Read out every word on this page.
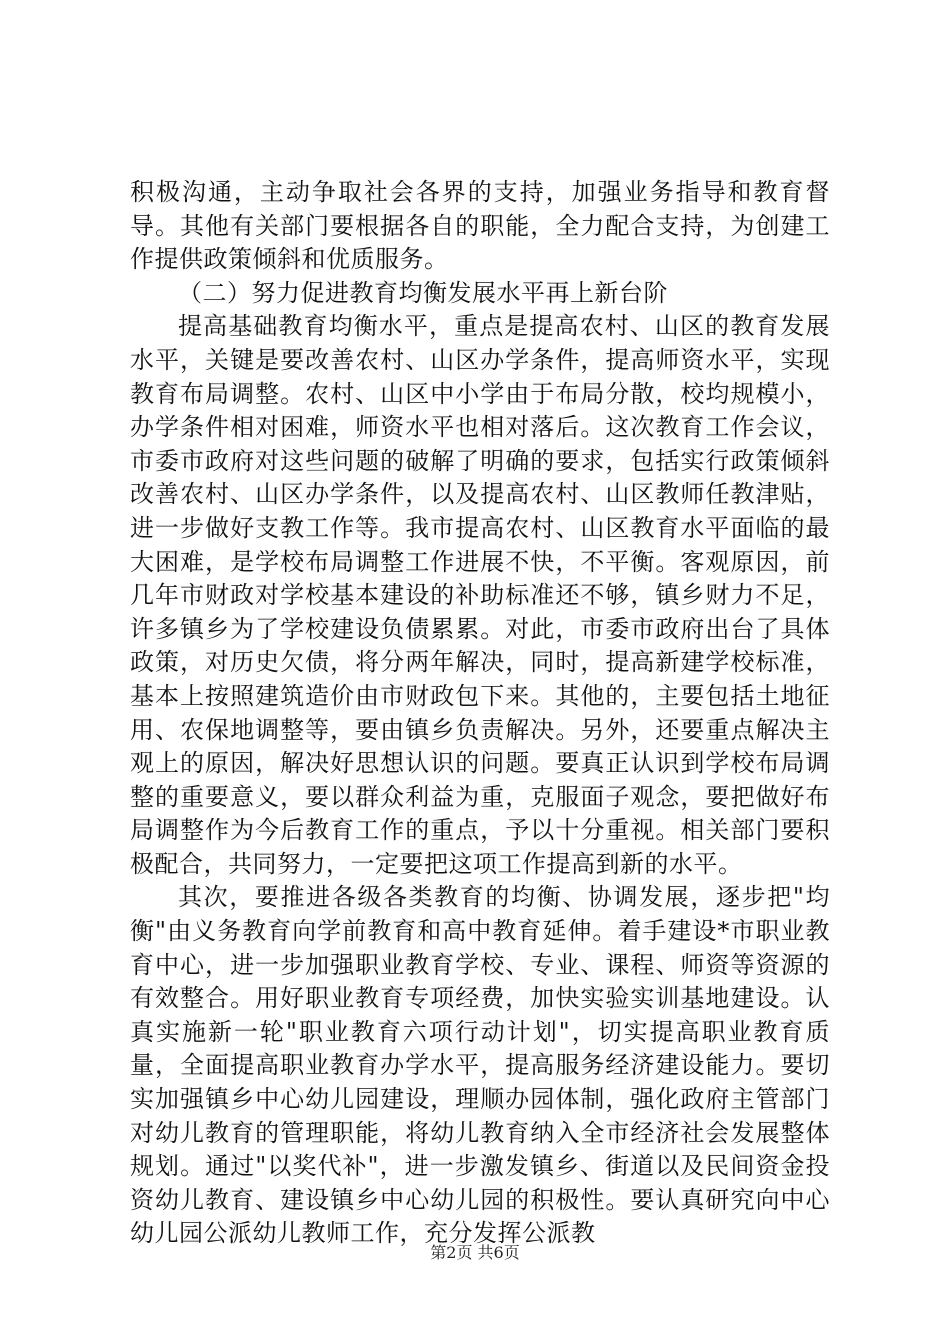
积极沟通，主动争取社会各界的支持，加强业务指导和教育督导。其他有关部门要根据各自的职能，全力配合支持，为创建工作提供政策倾斜和优质服务。

（二）努力促进教育均衡发展水平再上新台阶

提高基础教育均衡水平，重点是提高农村、山区的教育发展水平，关键是要改善农村、山区办学条件，提高师资水平，实现教育布局调整。农村、山区中小学由于布局分散，校均规模小，办学条件相对困难，师资水平也相对落后。这次教育工作会议，市委市政府对这些问题的破解了明确的要求，包括实行政策倾斜改善农村、山区办学条件，以及提高农村、山区教师任教津贴，进一步做好支教工作等。我市提高农村、山区教育水平面临的最大困难，是学校布局调整工作进展不快，不平衡。客观原因，前几年市财政对学校基本建设的补助标准还不够，镇乡财力不足，许多镇乡为了学校建设负债累累。对此，市委市政府出台了具体政策，对历史欠债，将分两年解决，同时，提高新建学校标准，基本上按照建筑造价由市财政包下来。其他的，主要包括土地征用、农保地调整等，要由镇乡负责解决。另外，还要重点解决主观上的原因，解决好思想认识的问题。要真正认识到学校布局调整的重要意义，要以群众利益为重，克服面子观念，要把做好布局调整作为今后教育工作的重点，予以十分重视。相关部门要积极配合，共同努力，一定要把这项工作提高到新的水平。

其次，要推进各级各类教育的均衡、协调发展，逐步把"均衡"由义务教育向学前教育和高中教育延伸。着手建设*市职业教育中心，进一步加强职业教育学校、专业、课程、师资等资源的有效整合。用好职业教育专项经费，加快实验实训基地建设。认真实施新一轮"职业教育六项行动计划"，切实提高职业教育质量，全面提高职业教育办学水平，提高服务经济建设能力。要切实加强镇乡中心幼儿园建设，理顺办园体制，强化政府主管部门对幼儿教育的管理职能，将幼儿教育纳入全市经济社会发展整体规划。通过"以奖代补"，进一步激发镇乡、街道以及民间资金投资幼儿教育、建设镇乡中心幼儿园的积极性。要认真研究向中心幼儿园公派幼儿教师工作，充分发挥公派教

第2页 共6页
